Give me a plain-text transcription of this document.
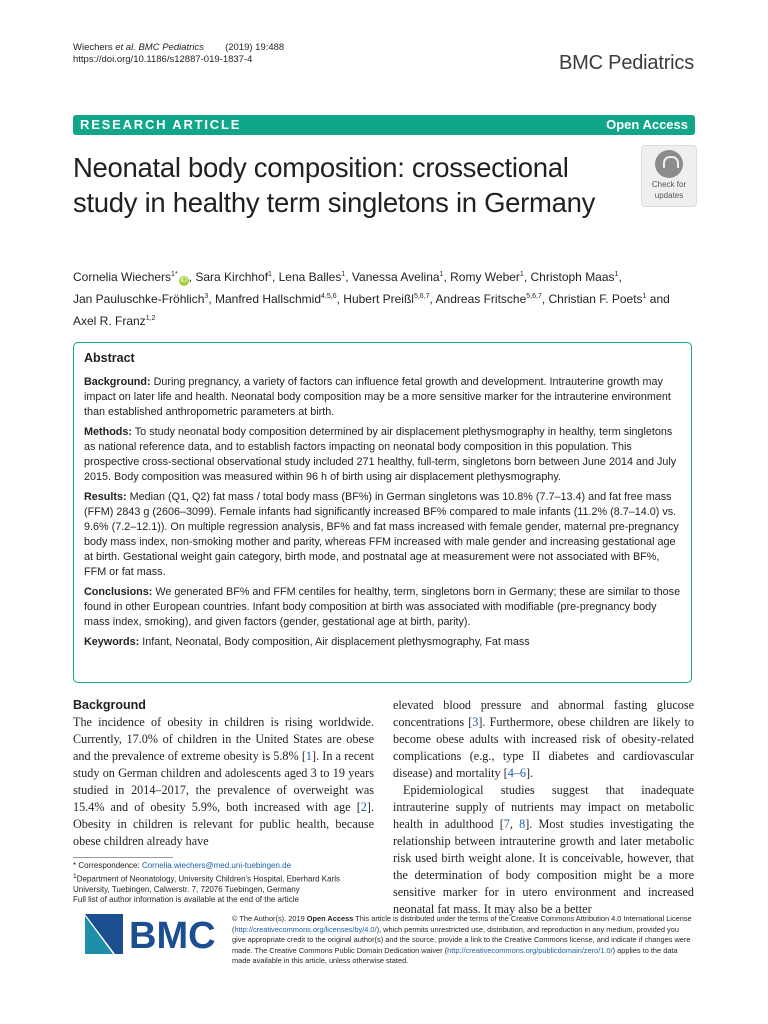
Wiechers et al. BMC Pediatrics (2019) 19:488
https://doi.org/10.1186/s12887-019-1837-4	BMC Pediatrics
RESEARCH ARTICLE	Open Access
Neonatal body composition: crossectional study in healthy term singletons in Germany
Check for
updates
Cornelia Wiechers$^{1*}$iD , Sara Kirchhof$^1$, Lena Balles$^1$, Vanessa Avelina$^1$, Romy Weber$^1$, Christoph Maas$^1$,
Jan Pauluschke-Fröhlich$^3$, Manfred Hallschmid$^{4,5,6}$, Hubert Preißl$^{5,6,7}$, Andreas Fritsche$^{5,6,7}$, Christian F. Poets$^1$ and
Axel R. Franz$^{1,2}$
Abstract

Background: During pregnancy, a variety of factors can influence fetal growth and development. Intrauterine growth may impact on later life and health. Neonatal body composition may be a more sensitive marker for the intrauterine environment than established anthropometric parameters at birth.

Methods: To study neonatal body composition determined by air displacement plethysmography in healthy, term singletons as national reference data, and to establish factors impacting on neonatal body composition in this population. This prospective cross-sectional observational study included 271 healthy, full-term, singletons born between June 2014 and July 2015. Body composition was measured within 96 h of birth using air displacement plethysmography.

Results: Median (Q1, Q2) fat mass / total body mass (BF%) in German singletons was 10.8% (7.7–13.4) and fat free mass (FFM) 2843 g (2606–3099). Female infants had significantly increased BF% compared to male infants (11.2% (8.7–14.0) vs. 9.6% (7.2–12.1)). On multiple regression analysis, BF% and fat mass increased with female gender, maternal pre-pregnancy body mass index, non-smoking mother and parity, whereas FFM increased with male gender and increasing gestational age at birth. Gestational weight gain category, birth mode, and postnatal age at measurement were not associated with BF%, FFM or fat mass.

Conclusions: We generated BF% and FFM centiles for healthy, term, singletons born in Germany; these are similar to those found in other European countries. Infant body composition at birth was associated with modifiable (pre-pregnancy body mass index, smoking), and given factors (gender, gestational age at birth, parity).

Keywords: Infant, Neonatal, Body composition, Air displacement plethysmography, Fat mass

Background
The incidence of obesity in children is rising worldwide. Currently, 17.0% of children in the United States are obese and the prevalence of extreme obesity is 5.8% [1]. In a recent study on German children and adolescents aged 3 to 19 years studied in 2014–2017, the prevalence of overweight was 15.4% and of obesity 5.9%, both increased with age [2]. Obesity in children is relevant for public health, because obese children already have
elevated blood pressure and abnormal fasting glucose concentrations [3]. Furthermore, obese children are likely to become obese adults with increased risk of obesity-related complications (e.g., type II diabetes and cardiovascular disease) and mortality [4–6].
Epidemiological studies suggest that inadequate intrauterine supply of nutrients may impact on metabolic health in adulthood [7, 8]. Most studies investigating the relationship between intrauterine growth and later metabolic risk used birth weight alone. It is conceivable, however, that the determination of body composition might be a more sensitive marker for in utero environment and increased neonatal fat mass. It may also be a better
* Correspondence: Cornelia.wiechers@med.uni-tuebingen.de
$^1$Department of Neonatology, University Children's Hospital, Eberhard Karls University, Tuebingen, Calwerstr. 7, 72076 Tuebingen, Germany
Full list of author information is available at the end of the article
BMC © The Author(s). 2019 Open Access This article is distributed under the terms of the Creative Commons Attribution 4.0 International License (http://creativecommons.org/licenses/by/4.0/), which permits unrestricted use, distribution, and reproduction in any medium, provided you give appropriate credit to the original author(s) and the source, provide a link to the Creative Commons license, and indicate if changes were made. The Creative Commons Public Domain Dedication waiver (http://creativecommons.org/publicdomain/zero/1.0/) applies to the data made available in this article, unless otherwise stated.
